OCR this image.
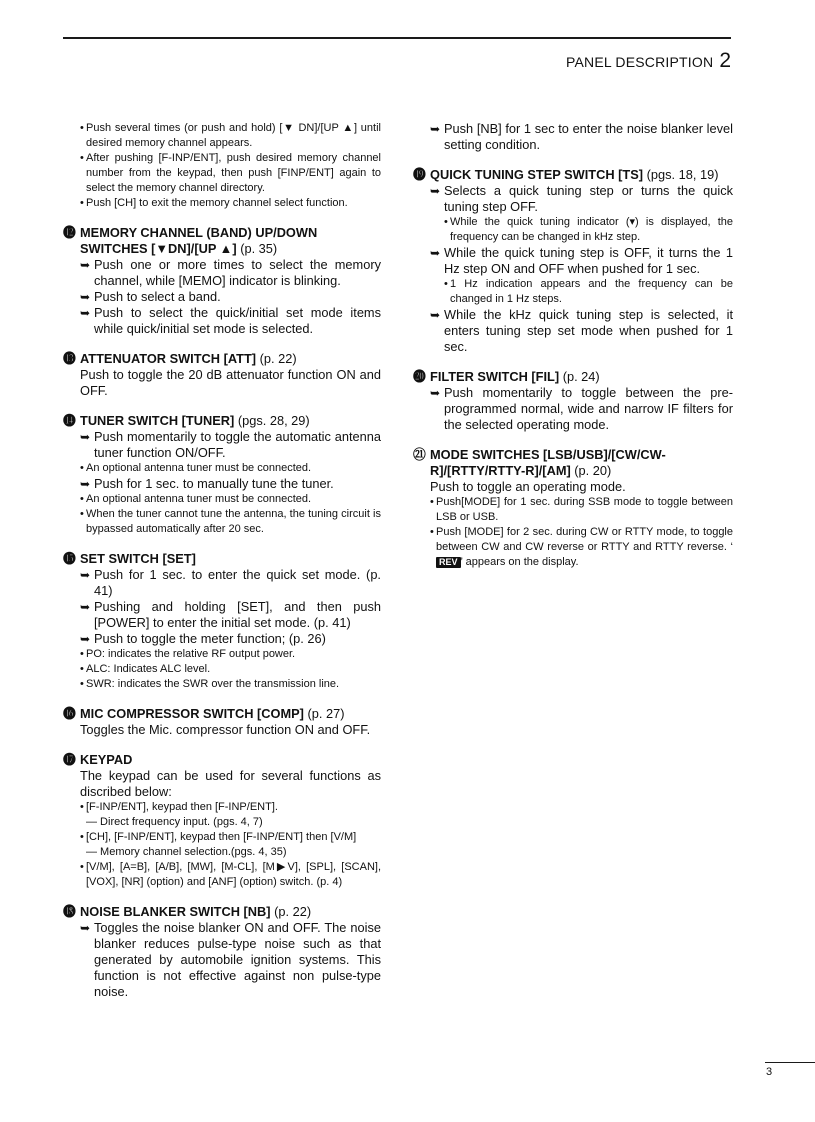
PANEL DESCRIPTION 2
• Push several times (or push and hold) [▼ DN]/[UP ▲] until desired memory channel appears.
• After pushing [F-INP/ENT], push desired memory channel number from the keypad, then push [FINP/ENT] again to select the memory channel directory.
• Push [CH] to exit the memory channel select function.
⓬ MEMORY CHANNEL (BAND) UP/DOWN SWITCHES [▼DN]/[UP ▲] (p. 35)
➥ Push one or more times to select the memory channel, while [MEMO] indicator is blinking.
➥ Push to select a band.
➥ Push to select the quick/initial set mode items while quick/initial set mode is selected.
⓭ ATTENUATOR SWITCH [ATT] (p. 22)
Push to toggle the 20 dB attenuator function ON and OFF.
⓮ TUNER SWITCH [TUNER] (pgs. 28, 29)
➥ Push momentarily to toggle the automatic antenna tuner function ON/OFF.
• An optional antenna tuner must be connected.
➥ Push for 1 sec. to manually tune the tuner.
• An optional antenna tuner must be connected.
• When the tuner cannot tune the antenna, the tuning circuit is bypassed automatically after 20 sec.
⓯ SET SWITCH [SET]
➥ Push for 1 sec. to enter the quick set mode. (p. 41)
➥ Pushing and holding [SET], and then push [POWER] to enter the initial set mode. (p. 41)
➥ Push to toggle the meter function; (p. 26)
• PO: indicates the relative RF output power.
• ALC: Indicates ALC level.
• SWR: indicates the SWR over the transmission line.
⓰ MIC COMPRESSOR SWITCH [COMP] (p. 27)
Toggles the Mic. compressor function ON and OFF.
⓱ KEYPAD
The keypad can be used for several functions as discribed below:
• [F-INP/ENT], keypad then [F-INP/ENT].
— Direct frequency input. (pgs. 4, 7)
• [CH], [F-INP/ENT], keypad then [F-INP/ENT] then [V/M]
— Memory channel selection.(pgs. 4, 35)
• [V/M], [A=B], [A/B], [MW], [M-CL], [M▶V], [SPL], [SCAN], [VOX], [NR] (option) and [ANF] (option) switch. (p. 4)
⓲ NOISE BLANKER SWITCH [NB] (p. 22)
➥ Toggles the noise blanker ON and OFF. The noise blanker reduces pulse-type noise such as that generated by automobile ignition systems. This function is not effective against non pulse-type noise.
➥ Push [NB] for 1 sec to enter the noise blanker level setting condition.
⓳ QUICK TUNING STEP SWITCH [TS] (pgs. 18, 19)
➥ Selects a quick tuning step or turns the quick tuning step OFF.
• While the quick tuning indicator (▾) is displayed, the frequency can be changed in kHz step.
➥ While the quick tuning step is OFF, it turns the 1 Hz step ON and OFF when pushed for 1 sec.
• 1 Hz indication appears and the frequency can be changed in 1 Hz steps.
➥ While the kHz quick tuning step is selected, it enters tuning step set mode when pushed for 1 sec.
⓴ FILTER SWITCH [FIL] (p. 24)
➥ Push momentarily to toggle between the pre-programmed normal, wide and narrow IF filters for the selected operating mode.
㉑ MODE SWITCHES [LSB/USB]/[CW/CW-R]/[RTTY/RTTY-R]/[AM] (p. 20)
Push to toggle an operating mode.
• Push[MODE] for 1 sec. during SSB mode to toggle between LSB or USB.
• Push [MODE] for 2 sec. during CW or RTTY mode, to toggle between CW and CW reverse or RTTY and RTTY reverse. ‘REV ’ appears on the display.
3
